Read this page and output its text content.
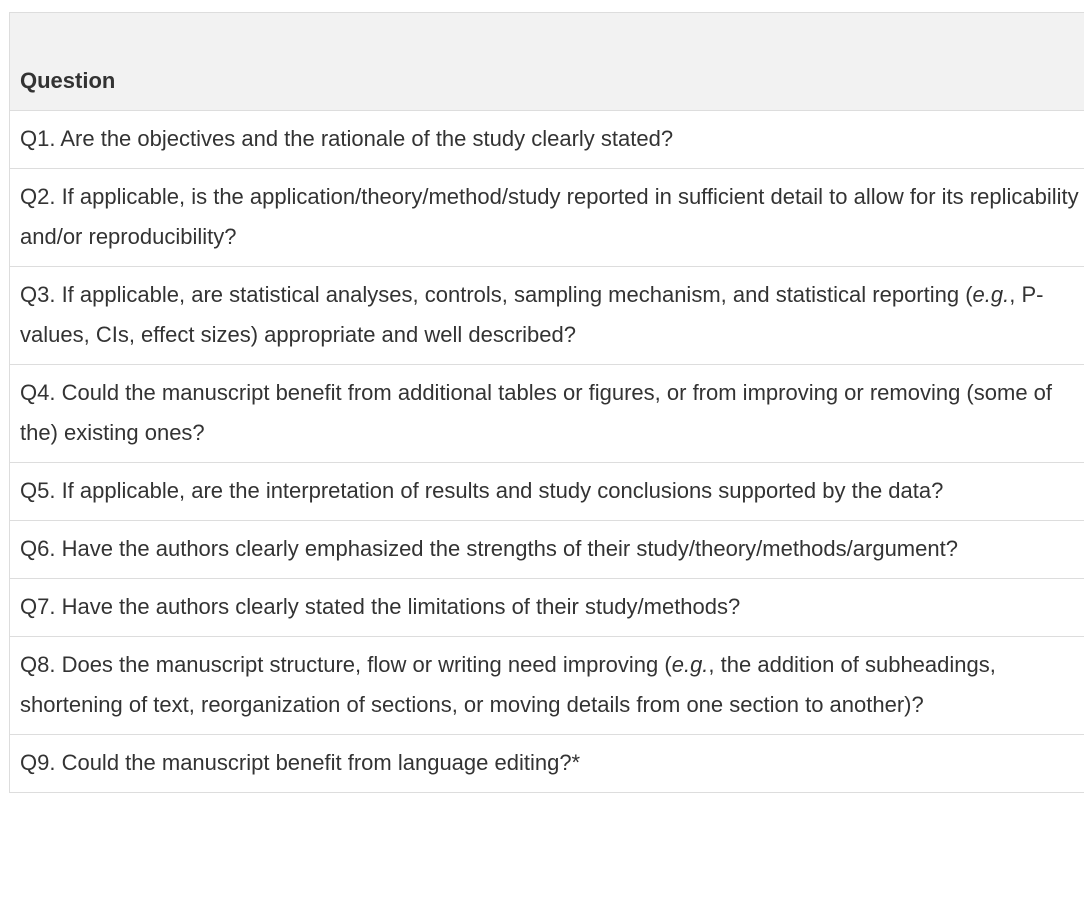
Question
Q1. Are the objectives and the rationale of the study clearly stated?
Q2. If applicable, is the application/theory/method/study reported in sufficient detail to allow for its replicability and/or reproducibility?
Q3. If applicable, are statistical analyses, controls, sampling mechanism, and statistical reporting (e.g., P-values, CIs, effect sizes) appropriate and well described?
Q4. Could the manuscript benefit from additional tables or figures, or from improving or removing (some of the) existing ones?
Q5. If applicable, are the interpretation of results and study conclusions supported by the data?
Q6. Have the authors clearly emphasized the strengths of their study/theory/methods/argument?
Q7. Have the authors clearly stated the limitations of their study/methods?
Q8. Does the manuscript structure, flow or writing need improving (e.g., the addition of subheadings, shortening of text, reorganization of sections, or moving details from one section to another)?
Q9. Could the manuscript benefit from language editing?*
